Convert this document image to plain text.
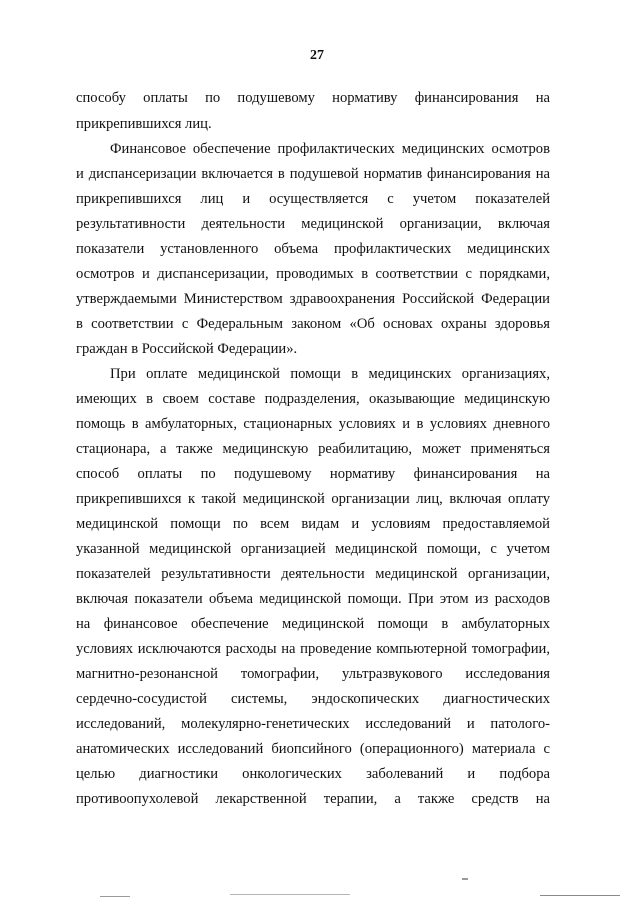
27
способу оплаты по подушевому нормативу финансирования на
прикрепившихся лиц.
Финансовое обеспечение профилактических медицинских осмотров
и диспансеризации включается в подушевой норматив финансирования на
прикрепившихся лиц и осуществляется с учетом показателей
результативности деятельности медицинской организации, включая
показатели установленного объема профилактических медицинских
осмотров и диспансеризации, проводимых в соответствии с порядками,
утверждаемыми Министерством здравоохранения Российской Федерации
в соответствии с Федеральным законом «Об основах охраны здоровья
граждан в Российской Федерации».
При оплате медицинской помощи в медицинских организациях,
имеющих в своем составе подразделения, оказывающие медицинскую
помощь в амбулаторных, стационарных условиях и в условиях дневного
стационара, а также медицинскую реабилитацию, может применяться
способ оплаты по подушевому нормативу финансирования на
прикрепившихся к такой медицинской организации лиц, включая оплату
медицинской помощи по всем видам и условиям предоставляемой
указанной медицинской организацией медицинской помощи, с учетом
показателей результативности деятельности медицинской организации,
включая показатели объема медицинской помощи. При этом из расходов
на финансовое обеспечение медицинской помощи в амбулаторных
условиях исключаются расходы на проведение компьютерной томографии,
магнитно-резонансной томографии, ультразвукового исследования
сердечно-сосудистой системы, эндоскопических диагностических
исследований, молекулярно-генетических исследований и патолого-
анатомических исследований биопсийного (операционного) материала с
целью диагностики онкологических заболеваний и подбора
противоопухолевой лекарственной терапии, а также средств на
